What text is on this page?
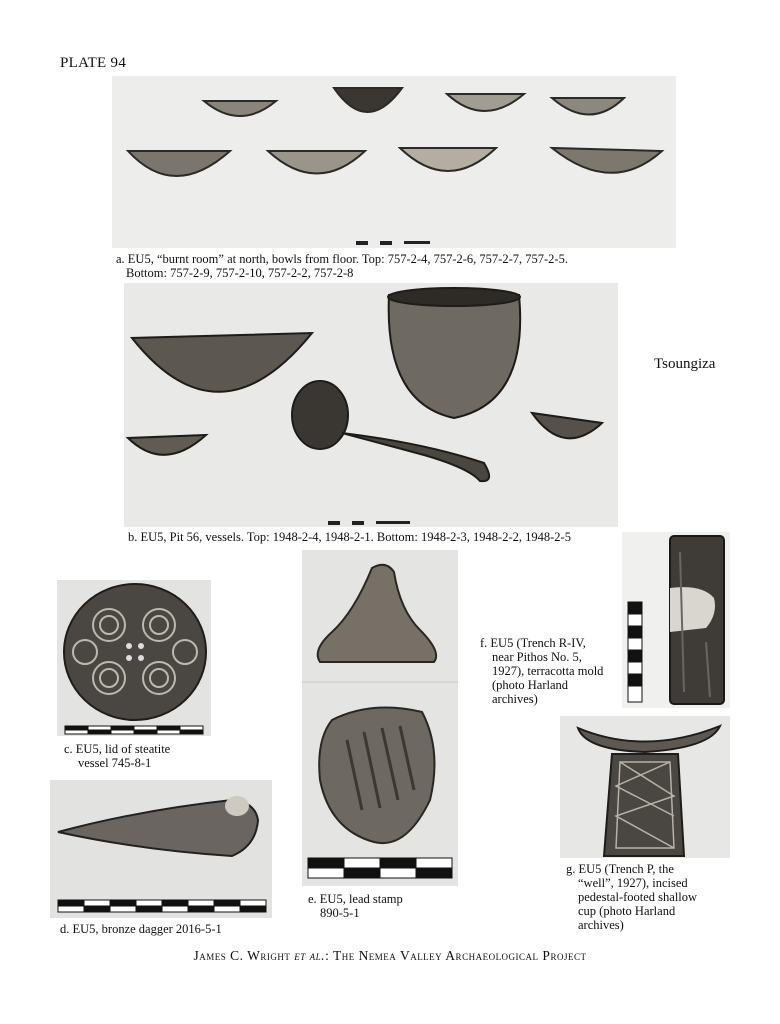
PLATE 94
Tsoungiza
a. EU5, “burnt room” at north, bowls from floor. Top: 757-2-4, 757-2-6, 757-2-7, 757-2-5.
Bottom: 757-2-9, 757-2-10, 757-2-2, 757-2-8
b. EU5, Pit 56, vessels. Top: 1948-2-4, 1948-2-1. Bottom: 1948-2-3, 1948-2-2, 1948-2-5
c. EU5, lid of steatite
vessel 745-8-1
d. EU5, bronze dagger 2016-5-1
e. EU5, lead stamp
890-5-1
f. EU5 (Trench R-IV,
near Pithos No. 5,
1927), terracotta mold
(photo Harland
archives)
g. EU5 (Trench P, the
“well”, 1927), incised
pedestal-footed shallow
cup (photo Harland
archives)
James C. Wright et al.: The Nemea Valley Archaeological Project
